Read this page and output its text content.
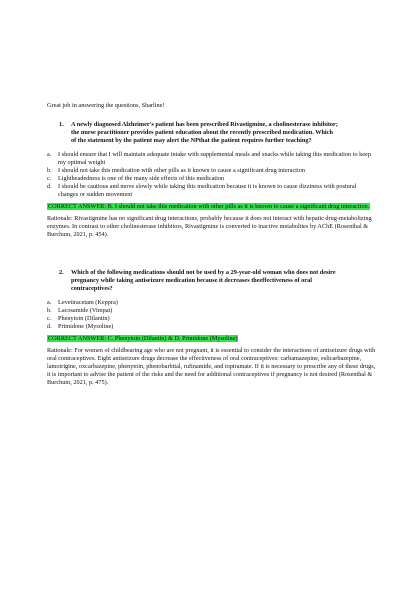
Great job in answering the questions, Sharline!

1.	A newly diagnosed Alzheimer's patient has been prescribed Rivastigmine, a cholinesterase inhibitor; the nurse practitioner provides patient education about the recently prescribed medication. Which of the statement by the patient may alert the NPthat the patient requires further teaching?
a.	I should ensure that I will maintain adequate intake with supplemental meals and snacks while taking this medication to keep my optimal weight
b.	I should not take this medication with other pills as it known to cause a significant drug interaction
c.	Lightheadedness is one of the many side effects of this medication
d.	I should be cautious and move slowly while taking this medication because it is known to cause dizziness with postural changes or sudden movement

CORRECT ANSWER: B. I should not take this medication with other pills as it is known to cause a significant drug interaction.

Rationale: Rivastigmine has no significant drug interactions, probably because it does not interact with hepatic drug-metabolizing enzymes. In contrast to other cholinesterase inhibitors, Rivastigmine is converted to inactive metabolites by AChE (Rosenthal & Burchum, 2021, p. 454).

2.	Which of the following medications should not be used by a 29-year-old woman who does not desire pregnancy while taking antiseizure medication because it decreases theeffectiveness of oral contraceptives?
a.	Levetiracetam (Keppra)
b.	Lacosamide (Vimpat)
c.	Phenytoin (Dilantin)
d.	Primidone (Mysoline)

CORRECT ANSWER: C. Phenytoin (Dilantin) & D. Primidone (Mysoline)

Rationale: For women of childbearing age who are not pregnant, it is essential to consider the interactions of antiseizure drugs with oral contraceptives. Eight antiseizure drugs decrease the effectiveness of oral contraceptives: carbamazepine, eslicarbazepine, lamotrigine, oxcarbazepine, phenytoin, phenobarbital, rufinamide, and topiramate. If it is necessary to prescribe any of these drugs, it is important to advise the patient of the risks and the need for additional contraceptives if pregnancy is not desired (Rosenthal & Burchum, 2021, p. 475).
